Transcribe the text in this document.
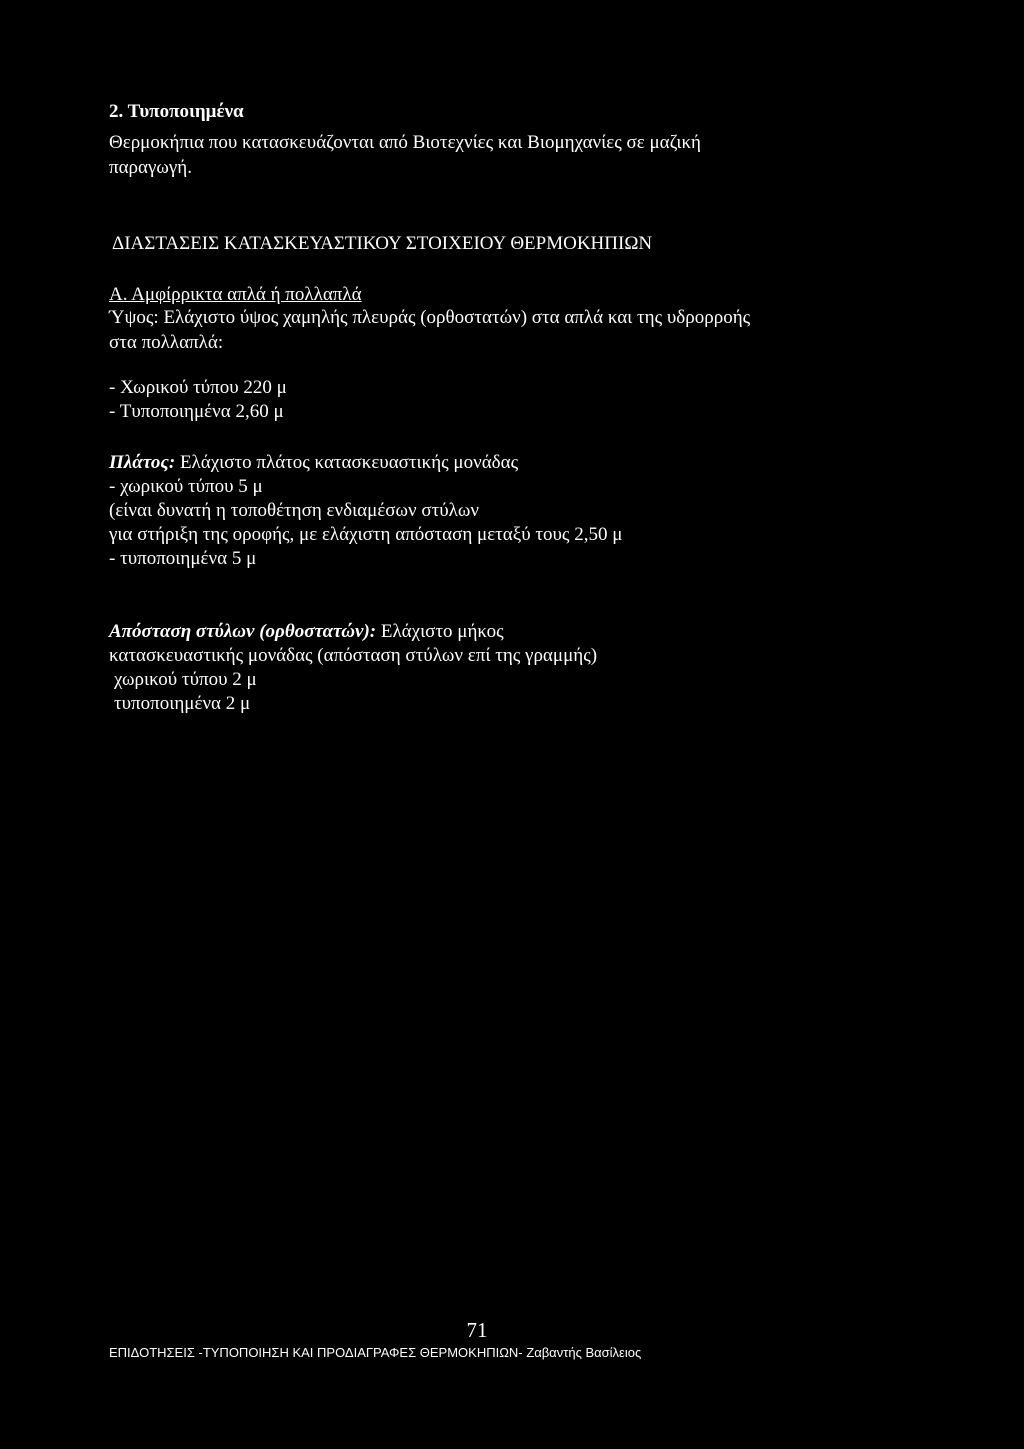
2. Τυποποιημένα
Θερμοκήπια που κατασκευάζονται από Βιοτεχνίες και Βιομηχανίες σε μαζική
παραγωγή.
ΔΙΑΣΤΑΣΕΙΣ ΚΑΤΑΣΚΕΥΑΣΤΙΚΟΥ ΣΤΟΙΧΕΙΟΥ ΘΕΡΜΟΚΗΠΙΩΝ
Α. Αμφίρρικτα απλά ή πολλαπλά
Ύψος: Ελάχιστο ύψος χαμηλής πλευράς (ορθοστατών) στα απλά και της υδρορροής
στα πολλαπλά:
- Χωρικού τύπου 220 μ
- Τυποποιημένα 2,60 μ
Πλάτος: Ελάχιστο πλάτος κατασκευαστικής μονάδας
- χωρικού τύπου 5 μ
(είναι δυνατή η τοποθέτηση ενδιαμέσων στύλων
για στήριξη της οροφής, με ελάχιστη απόσταση μεταξύ τους 2,50 μ
- τυποποιημένα 5 μ
Απόσταση στύλων (ορθοστατών): Ελάχιστο μήκος
κατασκευαστικής μονάδας (απόσταση στύλων επί της γραμμής)
χωρικού τύπου 2 μ
τυποποιημένα 2 μ
71
ΕΠΙΔΟΤΗΣΕΙΣ -ΤΥΠΟΠΟΙΗΣΗ ΚΑΙ ΠΡΟΔΙΑΓΡΑΦΕΣ ΘΕΡΜΟΚΗΠΙΩΝ- Ζαβαντής Βασίλειος
